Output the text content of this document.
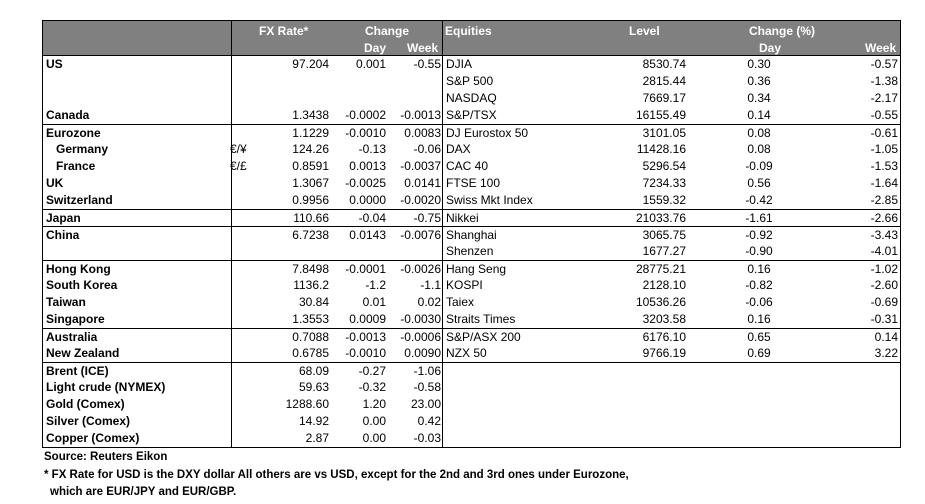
FX Rate*	Change
Day Week
Equities	Level	Change (%)
Day	Week
US	97.204	0.001	-0.55 DJIA	8530.74	0.30	-0.57
S&P 500	2815.44	0.36	-1.38
NASDAQ	7669.17	0.34	-2.17
Canada	1.3438	-0.0002	-0.0013 S&P/TSX	16155.49	0.14	-0.55
Eurozone	1.1229	-0.0010	0.0083 DJ Eurostox 50	3101.05	0.08	-0.61
Germany	€/¥	124.26	-0.13	-0.06 DAX	11428.16	0.08	-1.05
France	€/£	0.8591	0.0013	-0.0037 CAC 40	5296.54	-0.09	-1.53
UK	1.3067	-0.0025	0.0141 FTSE 100	7234.33	0.56	-1.64
Switzerland	0.9956	0.0000	-0.0020 Swiss Mkt Index	1559.32	-0.42	-2.85
Japan	110.66	-0.04	-0.75 Nikkei	21033.76	-1.61	-2.66
China	6.7238	0.0143	-0.0076 Shanghai	3065.75	-0.92	-3.43
Shenzen	1677.27	-0.90	-4.01
Hong Kong	7.8498	-0.0001	-0.0026 Hang Seng	28775.21	0.16	-1.02
South Korea	1136.2	-1.2	-1.1 KOSPI	2128.10	-0.82	-2.60
Taiwan	30.84	0.01	0.02 Taiex	10536.26	-0.06	-0.69
Singapore	1.3553	0.0009	-0.0030 Straits Times	3203.58	0.16	-0.31
Australia	0.7088	-0.0013	-0.0006 S&P/ASX 200	6176.10	0.65	0.14
New Zealand	0.6785	-0.0010	0.0090 NZX 50	9766.19	0.69	3.22
Brent (ICE)	68.09	-0.27	-1.06
Light crude (NYMEX)	59.63	-0.32	-0.58
Gold (Comex)	1288.60	1.20	23.00
Silver (Comex)	14.92	0.00	0.42
Copper (Comex)	2.87	0.00	-0.03
Source: Reuters Eikon
* FX Rate for USD is the DXY dollar All others are vs USD, except for the 2nd and 3rd ones under Eurozone,
which are EUR/JPY and EUR/GBP.
